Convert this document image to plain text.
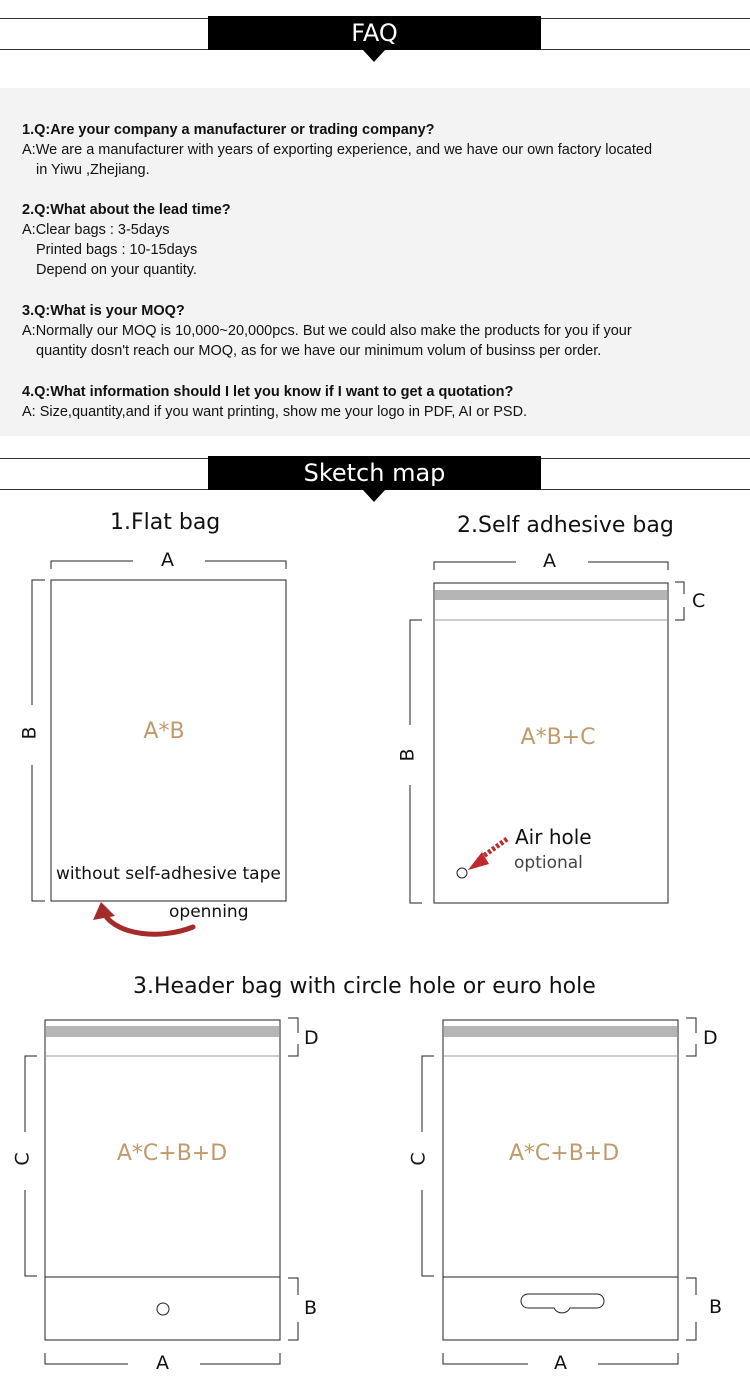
FAQ
1.Q:Are your company a manufacturer or trading company?
A:We are a manufacturer with years of exporting experience, and we have our own factory located
in Yiwu ,Zhejiang.
2.Q:What about the lead time?
A:Clear bags : 3-5days
Printed bags : 10-15days
Depend on your quantity.
3.Q:What is your MOQ?
A:Normally our MOQ is 10,000~20,000pcs. But we could also make the products for you if your
quantity dosn't reach our MOQ, as for we have our minimum volum of businss per order.
4.Q:What information should I let you know if I want to get a quotation?
A: Size,quantity,and if you want printing, show me your logo in PDF, AI or PSD.
Sketch map
1.Flat bag
A
B	A*B
without self-adhesive tape
openning
2.Self adhesive bag
A
C
B
A*B+C
Air hole
optional
3.Header bag with circle hole or euro hole
D
C	A*C+B+D
B
A
D
C	A*C+B+D
B
A
